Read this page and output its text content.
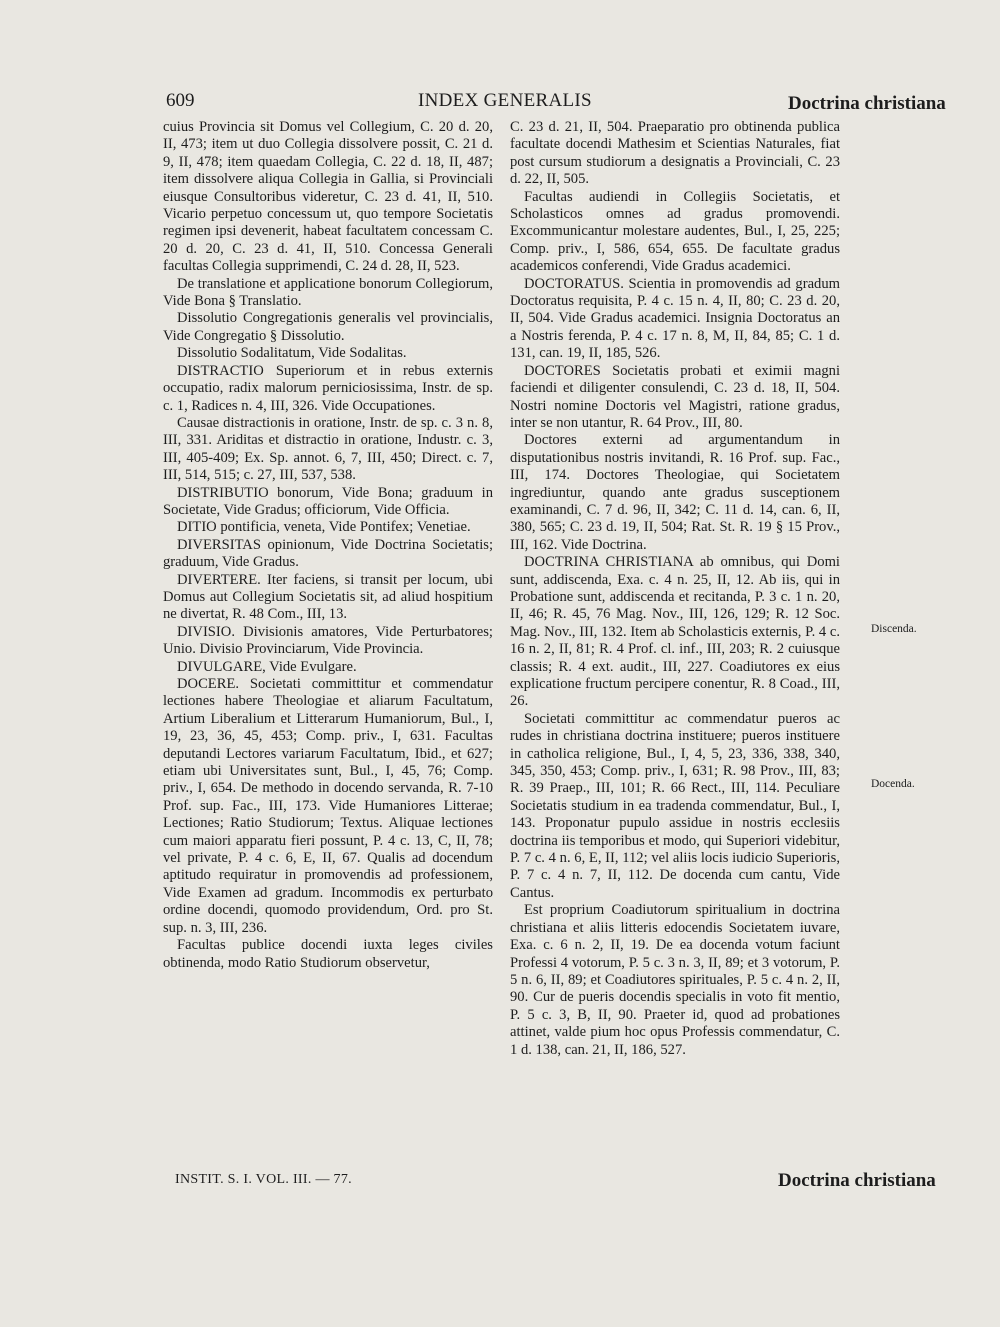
609	INDEX GENERALIS	Doctrina christiana

cuius Provincia sit Domus vel Collegium, C. 20 d. 20, II, 473; item ut duo Collegia dissolvere possit, C. 21 d. 9, II, 478; item quaedam Collegia, C. 22 d. 18, II, 487; item dissolvere aliqua Collegia in Gallia, si Provinciali eiusque Consultoribus videretur, C. 23 d. 41, II, 510. Vicario perpetuo concessum ut, quo tempore Societatis regimen ipsi devenerit, habeat facultatem concessam C. 20 d. 20, C. 23 d. 41, II, 510. Concessa Generali facultas Collegia supprimendi, C. 24 d. 28, II, 523.

De translatione et applicatione bonorum Collegiorum, Vide Bona § Translatio.

Dissolutio Congregationis generalis vel provincialis, Vide Congregatio § Dissolutio.

Dissolutio Sodalitatum, Vide Sodalitas.

DISTRACTIO Superiorum et in rebus externis occupatio, radix malorum perniciosissima, Instr. de sp. c. 1, Radices n. 4, III, 326. Vide Occupationes.

Causae distractionis in oratione, Instr. de sp. c. 3 n. 8, III, 331. Ariditas et distractio in oratione, Industr. c. 3, III, 405-409; Ex. Sp. annot. 6, 7, III, 450; Direct. c. 7, III, 514, 515; c. 27, III, 537, 538.

DISTRIBUTIO bonorum, Vide Bona; graduum in Societate, Vide Gradus; officiorum, Vide Officia.

DITIO pontificia, veneta, Vide Pontifex; Venetiae.

DIVERSITAS opinionum, Vide Doctrina Societatis; graduum, Vide Gradus.

DIVERTERE. Iter faciens, si transit per locum, ubi Domus aut Collegium Societatis sit, ad aliud hospitium ne divertat, R. 48 Com., III, 13.

DIVISIO. Divisionis amatores, Vide Perturbatores; Unio. Divisio Provinciarum, Vide Provincia.

DIVULGARE, Vide Evulgare.

DOCERE. Societati committitur et commendatur lectiones habere Theologiae et aliarum Facultatum, Artium Liberalium et Litterarum Humaniorum, Bul., I, 19, 23, 36, 45, 453; Comp. priv., I, 631. Facultas deputandi Lectores variarum Facultatum, Ibid., et 627; etiam ubi Universitates sunt, Bul., I, 45, 76; Comp. priv., I, 654. De methodo in docendo servanda, R. 7-10 Prof. sup. Fac., III, 173. Vide Humaniores Litterae; Lectiones; Ratio Studiorum; Textus. Aliquae lectiones cum maiori apparatu fieri possunt, P. 4 c. 13, C, II, 78; vel private, P. 4 c. 6, E, II, 67. Qualis ad docendum aptitudo requiratur in promovendis ad professionem, Vide Examen ad gradum. Incommodis ex perturbato ordine docendi, quomodo providendum, Ord. pro St. sup. n. 3, III, 236.

Facultas publice docendi iuxta leges civiles obtinenda, modo Ratio Studiorum observetur,

C. 23 d. 21, II, 504. Praeparatio pro obtinenda publica facultate docendi Mathesim et Scientias Naturales, fiat post cursum studiorum a designatis a Provinciali, C. 23 d. 22, II, 505.

Facultas audiendi in Collegiis Societatis, et Scholasticos omnes ad gradus promovendi. Excommunicantur molestare audentes, Bul., I, 25, 225; Comp. priv., I, 586, 654, 655. De facultate gradus academicos conferendi, Vide Gradus academici.

DOCTORATUS. Scientia in promovendis ad gradum Doctoratus requisita, P. 4 c. 15 n. 4, II, 80; C. 23 d. 20, II, 504. Vide Gradus academici. Insignia Doctoratus an a Nostris ferenda, P. 4 c. 17 n. 8, M, II, 84, 85; C. 1 d. 131, can. 19, II, 185, 526.

DOCTORES Societatis probati et eximii magni faciendi et diligenter consulendi, C. 23 d. 18, II, 504. Nostri nomine Doctoris vel Magistri, ratione gradus, inter se non utantur, R. 64 Prov., III, 80.

Doctores externi ad argumentandum in disputationibus nostris invitandi, R. 16 Prof. sup. Fac., III, 174. Doctores Theologiae, qui Societatem ingrediuntur, quando ante gradus susceptionem examinandi, C. 7 d. 96, II, 342; C. 11 d. 14, can. 6, II, 380, 565; C. 23 d. 19, II, 504; Rat. St. R. 19 § 15 Prov., III, 162. Vide Doctrina.

DOCTRINA CHRISTIANA ab omnibus, qui Domi sunt, addiscenda, Exa. c. 4 n. 25, II, 12. Ab iis, qui in Probatione sunt, addiscenda et recitanda, P. 3 c. 1 n. 20, II, 46; R. 45, 76 Mag. Nov., III, 126, 129; R. 12 Soc. Mag. Nov., III, 132. Item ab Scholasticis externis, P. 4 c. 16 n. 2, II, 81; R. 4 Prof. cl. inf., III, 203; R. 2 cuiusque classis; R. 4 ext. audit., III, 227. Coadiutores ex eius explicatione fructum percipere conentur, R. 8 Coad., III, 26.

Societati committitur ac commendatur pueros ac rudes in christiana doctrina instituere; pueros instituere in catholica religione, Bul., I, 4, 5, 23, 336, 338, 340, 345, 350, 453; Comp. priv., I, 631; R. 98 Prov., III, 83; R. 39 Praep., III, 101; R. 66 Rect., III, 114. Peculiare Societatis studium in ea tradenda commendatur, Bul., I, 143. Proponatur pupulo assidue in nostris ecclesiis doctrina iis temporibus et modo, qui Superiori videbitur, P. 7 c. 4 n. 6, E, II, 112; vel aliis locis iudicio Superioris, P. 7 c. 4 n. 7, II, 112. De docenda cum cantu, Vide Cantus.

Est proprium Coadiutorum spiritualium in doctrina christiana et aliis litteris edocendis Societatem iuvare, Exa. c. 6 n. 2, II, 19. De ea docenda votum faciunt Professi 4 votorum, P. 5 c. 3 n. 3, II, 89; et 3 votorum, P. 5 n. 6, II, 89; et Coadiutores spirituales, P. 5 c. 4 n. 2, II, 90. Cur de pueris docendis specialis in voto fit mentio, P. 5 c. 3, B, II, 90. Praeter id, quod ad probationes attinet, valde pium hoc opus Professis commendatur, C. 1 d. 138, can. 21, II, 186, 527.

Discenda.
Docenda.
INSTIT. S. I. VOL. III. — 77.	Doctrina christiana
